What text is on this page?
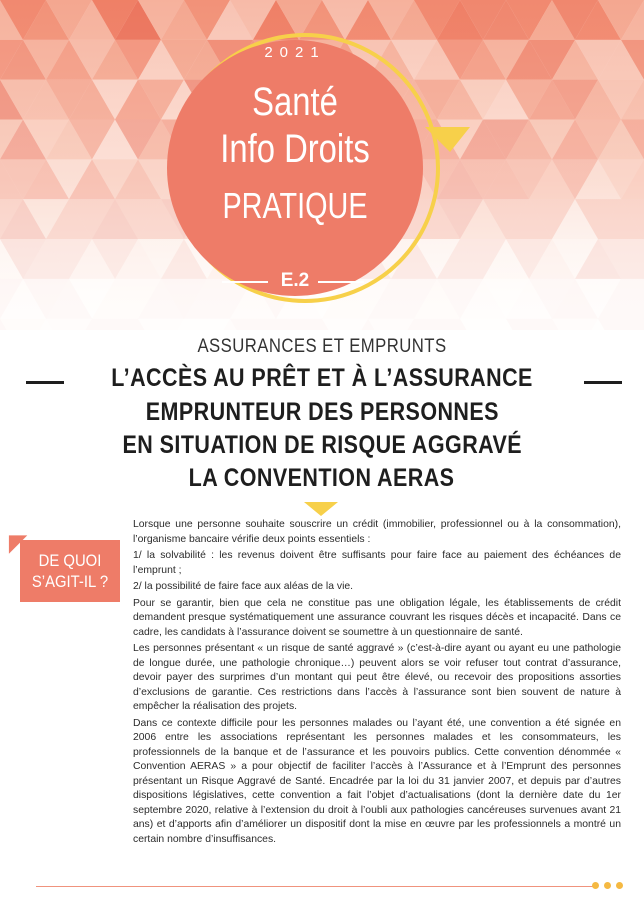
2021
Santé
Info Droits
PRATIQUE
E.2
ASSURANCES ET EMPRUNTS
L’ACCÈS AU PRÊT ET À L’ASSURANCE
EMPRUNTEUR DES PERSONNES
EN SITUATION DE RISQUE AGGRAVÉ
LA CONVENTION AERAS
DE QUOI
S’AGIT-IL ?

Lorsque une personne souhaite souscrire un crédit (immobilier, professionnel ou à la consommation), l’organisme bancaire vérifie deux points essentiels :

1/ la solvabilité : les revenus doivent être suffisants pour faire face au paiement des échéances de l’emprunt ;

2/ la possibilité de faire face aux aléas de la vie.

Pour se garantir, bien que cela ne constitue pas une obligation légale, les établissements de crédit demandent presque systématiquement une assurance couvrant les risques décès et incapacité. Dans ce cadre, les candidats à l’assurance doivent se soumettre à un questionnaire de santé.

Les personnes présentant « un risque de santé aggravé » (c’est-à-dire ayant ou ayant eu une pathologie de longue durée, une pathologie chronique…) peuvent alors se voir refuser tout contrat d’assurance, devoir payer des surprimes d’un montant qui peut être élevé, ou recevoir des propositions assorties d’exclusions de garantie. Ces restrictions dans l’accès à l’assurance sont bien souvent de nature à empêcher la réalisation des projets.

Dans ce contexte difficile pour les personnes malades ou l’ayant été, une convention a été signée en 2006 entre les associations représentant les personnes malades et les consommateurs, les professionnels de la banque et de l’assurance et les pouvoirs publics. Cette convention dénommée « Convention AERAS » a pour objectif de faciliter l’accès à l’Assurance et à l’Emprunt des personnes présentant un Risque Aggravé de Santé. Encadrée par la loi du 31 janvier 2007, et depuis par d’autres dispositions législatives, cette convention a fait l’objet d’actualisations (dont la dernière date du 1er septembre 2020, relative à l’extension du droit à l’oubli aux pathologies cancéreuses survenues avant 21 ans) et d’apports afin d’améliorer un dispositif dont la mise en œuvre par les professionnels a montré un certain nombre d’insuffisances.
